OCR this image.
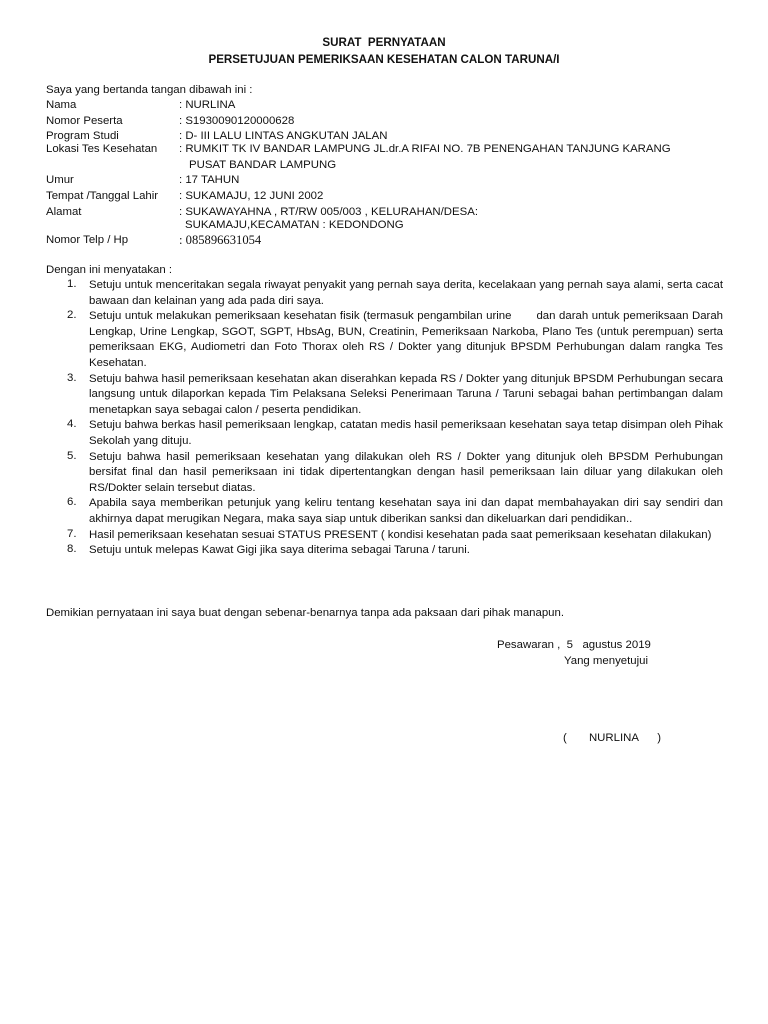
SURAT  PERNYATAAN
PERSETUJUAN PEMERIKSAAN KESEHATAN CALON TARUNA/I
Saya yang bertanda tangan dibawah ini :
Nama	: NURLINA
Nomor Peserta	: S1930090120000628
Program Studi	: D- III LALU LINTAS ANGKUTAN JALAN
Lokasi Tes Kesehatan : RUMKIT TK IV BANDAR LAMPUNG JL.dr.A RIFAI NO. 7B PENENGAHAN TANJUNG KARANG
PUSAT BANDAR LAMPUNG
Umur	: 17 TAHUN
Tempat /Tanggal Lahir : SUKAMAJU, 12 JUNI 2002
Alamat	: SUKAWAYAHNA , RT/RW 005/003 , KELURAHAN/DESA:
SUKAMAJU,KECAMATAN : KEDONDONG
Nomor Telp / Hp	: 085896631054
Dengan ini menyatakan :
1. Setuju untuk menceritakan segala riwayat penyakit yang pernah saya derita, kecelakaan yang pernah saya alami, serta cacat bawaan dan kelainan yang ada pada diri saya.
2. Setuju untuk melakukan pemeriksaan kesehatan fisik (termasuk pengambilan urine       dan darah untuk pemeriksaan Darah Lengkap, Urine Lengkap, SGOT, SGPT, HbsAg, BUN, Creatinin, Pemeriksaan Narkoba, Plano Tes (untuk perempuan) serta pemeriksaan EKG, Audiometri dan Foto Thorax oleh RS / Dokter yang ditunjuk BPSDM Perhubungan dalam rangka Tes Kesehatan.
3. Setuju bahwa hasil pemeriksaan kesehatan akan diserahkan kepada RS / Dokter yang ditunjuk BPSDM Perhubungan secara langsung untuk dilaporkan kepada Tim Pelaksana Seleksi Penerimaan Taruna / Taruni sebagai bahan pertimbangan dalam menetapkan saya sebagai calon / peserta pendidikan.
4. Setuju bahwa berkas hasil pemeriksaan lengkap, catatan medis hasil pemeriksaan kesehatan saya tetap disimpan oleh Pihak Sekolah yang dituju.
5. Setuju bahwa hasil pemeriksaan kesehatan yang dilakukan oleh RS / Dokter yang ditunjuk oleh BPSDM Perhubungan bersifat final dan hasil pemeriksaan ini tidak dipertentangkan dengan hasil pemeriksaan lain diluar yang dilakukan oleh RS/Dokter selain tersebut diatas.
6. Apabila saya memberikan petunjuk yang keliru tentang kesehatan saya ini dan dapat membahayakan diri say sendiri dan akhirnya dapat merugikan Negara, maka saya siap untuk diberikan sanksi dan dikeluarkan dari pendidikan..
7. Hasil pemeriksaan kesehatan sesuai STATUS PRESENT ( kondisi kesehatan pada saat pemeriksaan kesehatan dilakukan)
8. Setuju untuk melepas Kawat Gigi jika saya diterima sebagai Taruna / taruni.
Demikian pernyataan ini saya buat dengan sebenar-benarnya tanpa ada paksaan dari pihak manapun.
Pesawaran ,  5   agustus 2019
Yang menyetujui
(       NURLINA      )
